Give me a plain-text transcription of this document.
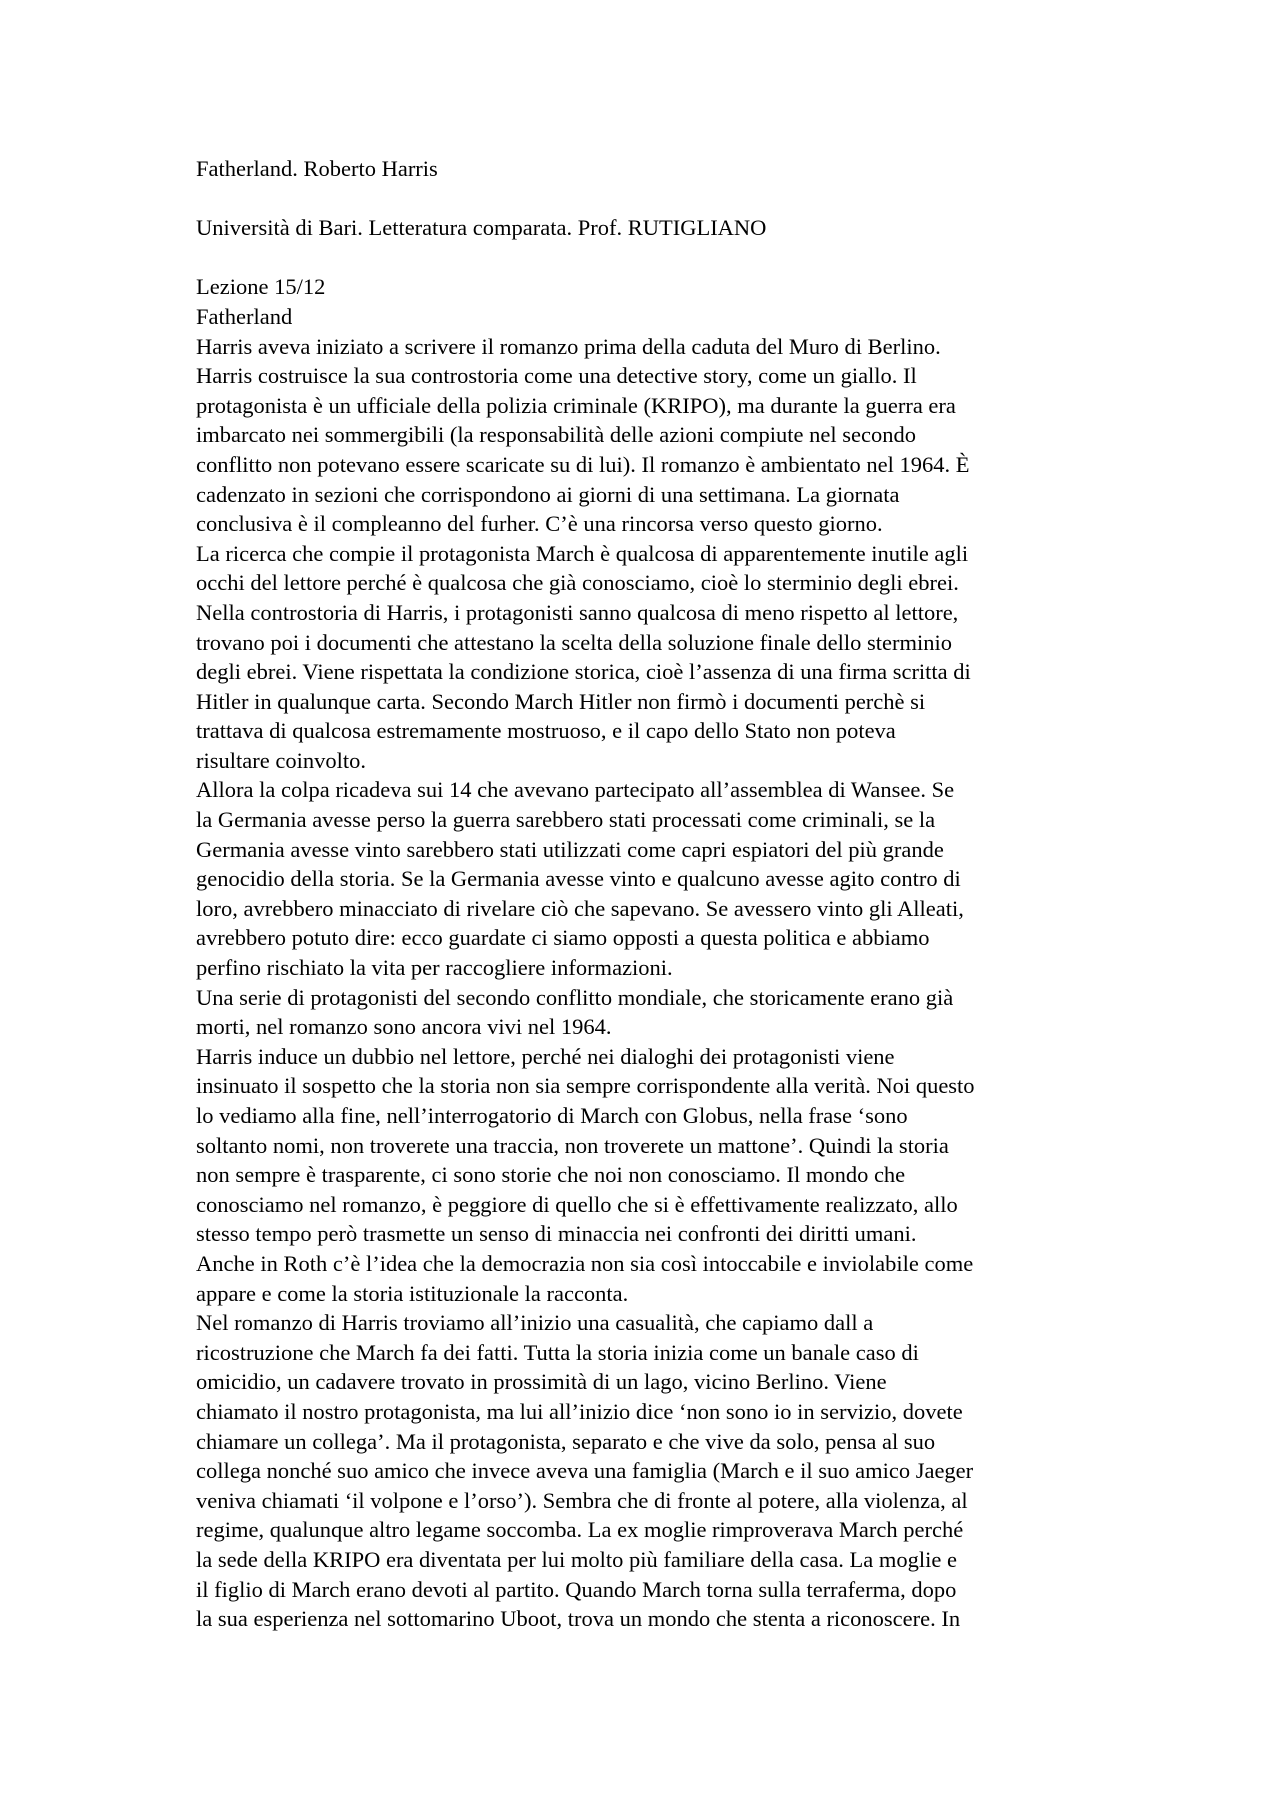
Fatherland. Roberto Harris
Università di Bari. Letteratura comparata. Prof. RUTIGLIANO
Lezione 15/12
Fatherland
Harris aveva iniziato a scrivere il romanzo prima della caduta del Muro di Berlino.
Harris costruisce la sua controstoria come una detective story, come un giallo. Il
protagonista è un ufficiale della polizia criminale (KRIPO), ma durante la guerra era
imbarcato nei sommergibili (la responsabilità delle azioni compiute nel secondo
conflitto non potevano essere scaricate su di lui). Il romanzo è ambientato nel 1964. È
cadenzato in sezioni che corrispondono ai giorni di una settimana. La giornata
conclusiva è il compleanno del furher. C’è una rincorsa verso questo giorno.
La ricerca che compie il protagonista March è qualcosa di apparentemente inutile agli
occhi del lettore perché è qualcosa che già conosciamo, cioè lo sterminio degli ebrei.
Nella controstoria di Harris, i protagonisti sanno qualcosa di meno rispetto al lettore,
trovano poi i documenti che attestano la scelta della soluzione finale dello sterminio
degli ebrei. Viene rispettata la condizione storica, cioè l’assenza di una firma scritta di
Hitler in qualunque carta. Secondo March Hitler non firmò i documenti perchè si
trattava di qualcosa estremamente mostruoso, e il capo dello Stato non poteva
risultare coinvolto.
Allora la colpa ricadeva sui 14 che avevano partecipato all’assemblea di Wansee. Se
la Germania avesse perso la guerra sarebbero stati processati come criminali, se la
Germania avesse vinto sarebbero stati utilizzati come capri espiatori del più grande
genocidio della storia. Se la Germania avesse vinto e qualcuno avesse agito contro di
loro, avrebbero minacciato di rivelare ciò che sapevano. Se avessero vinto gli Alleati,
avrebbero potuto dire: ecco guardate ci siamo opposti a questa politica e abbiamo
perfino rischiato la vita per raccogliere informazioni.
Una serie di protagonisti del secondo conflitto mondiale, che storicamente erano già
morti, nel romanzo sono ancora vivi nel 1964.
Harris induce un dubbio nel lettore, perché nei dialoghi dei protagonisti viene
insinuato il sospetto che la storia non sia sempre corrispondente alla verità. Noi questo
lo vediamo alla fine, nell’interrogatorio di March con Globus, nella frase ‘sono
soltanto nomi, non troverete una traccia, non troverete un mattone’. Quindi la storia
non sempre è trasparente, ci sono storie che noi non conosciamo. Il mondo che
conosciamo nel romanzo, è peggiore di quello che si è effettivamente realizzato, allo
stesso tempo però trasmette un senso di minaccia nei confronti dei diritti umani.
Anche in Roth c’è l’idea che la democrazia non sia così intoccabile e inviolabile come
appare e come la storia istituzionale la racconta.
Nel romanzo di Harris troviamo all’inizio una casualità, che capiamo dall a
ricostruzione che March fa dei fatti. Tutta la storia inizia come un banale caso di
omicidio, un cadavere trovato in prossimità di un lago, vicino Berlino. Viene
chiamato il nostro protagonista, ma lui all’inizio dice ‘non sono io in servizio, dovete
chiamare un collega’. Ma il protagonista, separato e che vive da solo, pensa al suo
collega nonché suo amico che invece aveva una famiglia (March e il suo amico Jaeger
veniva chiamati ‘il volpone e l’orso’). Sembra che di fronte al potere, alla violenza, al
regime, qualunque altro legame soccomba. La ex moglie rimproverava March perché
la sede della KRIPO era diventata per lui molto più familiare della casa. La moglie e
il figlio di March erano devoti al partito. Quando March torna sulla terraferma, dopo
la sua esperienza nel sottomarino Uboot, trova un mondo che stenta a riconoscere. In
